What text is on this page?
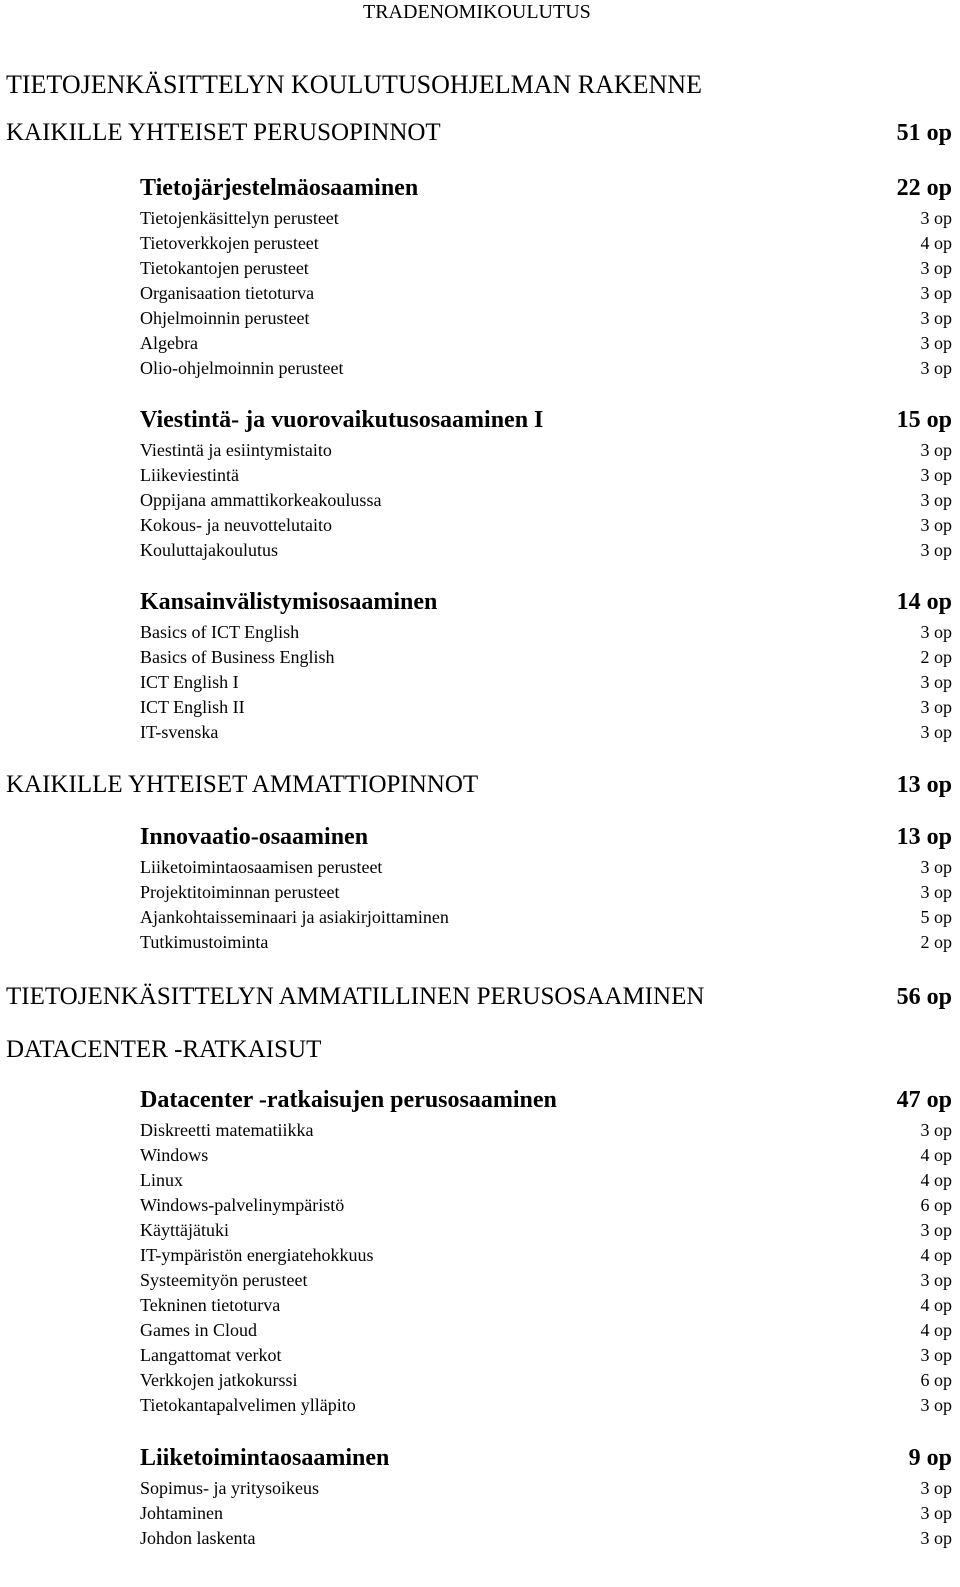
TRADENOMIKOULUTUS
TIETOJENKÄSITTELYN KOULUTUSOHJELMAN RAKENNE
KAIKILLE YHTEISET PERUSOPINNOT	51 op
Tietojärjestelmäosaaminen	22 op
Tietojenkäsittelyn perusteet	3 op
Tietoverkkojen perusteet	4 op
Tietokantojen perusteet	3 op
Organisaation tietoturva	3 op
Ohjelmoinnin perusteet	3 op
Algebra	3 op
Olio-ohjelmoinnin perusteet	3 op
Viestintä- ja vuorovaikutusosaaminen I	15 op
Viestintä ja esiintymistaito	3 op
Liikeviestintä	3 op
Oppijana ammattikorkeakoulussa	3 op
Kokous- ja neuvottelutaito	3 op
Kouluttajakoulutus	3 op
Kansainvälistymisosaaminen	14 op
Basics of ICT English	3 op
Basics of Business English	2 op
ICT English I	3 op
ICT English II	3 op
IT-svenska	3 op
KAIKILLE YHTEISET AMMATTIOPINNOT	13 op
Innovaatio-osaaminen	13 op
Liiketoimintaosaamisen perusteet	3 op
Projektitoiminnan perusteet	3 op
Ajankohtaisseminaari ja asiakirjoittaminen	5 op
Tutkimustoiminta	2 op
TIETOJENKÄSITTELYN AMMATILLINEN PERUSOSAAMINEN	56 op
DATACENTER -RATKAISUT
Datacenter -ratkaisujen perusosaaminen	47 op
Diskreetti matematiikka	3 op
Windows	4 op
Linux	4 op
Windows-palvelinympäristö	6 op
Käyttäjätuki	3 op
IT-ympäristön energiatehokkuus	4 op
Systeemityön perusteet	3 op
Tekninen tietoturva	4 op
Games in Cloud	4 op
Langattomat verkot	3 op
Verkkojen jatkokurssi	6 op
Tietokantapalvelimen ylläpito	3 op
Liiketoimintaosaaminen	9 op
Sopimus- ja yritysoikeus	3 op
Johtaminen	3 op
Johdon laskenta	3 op
